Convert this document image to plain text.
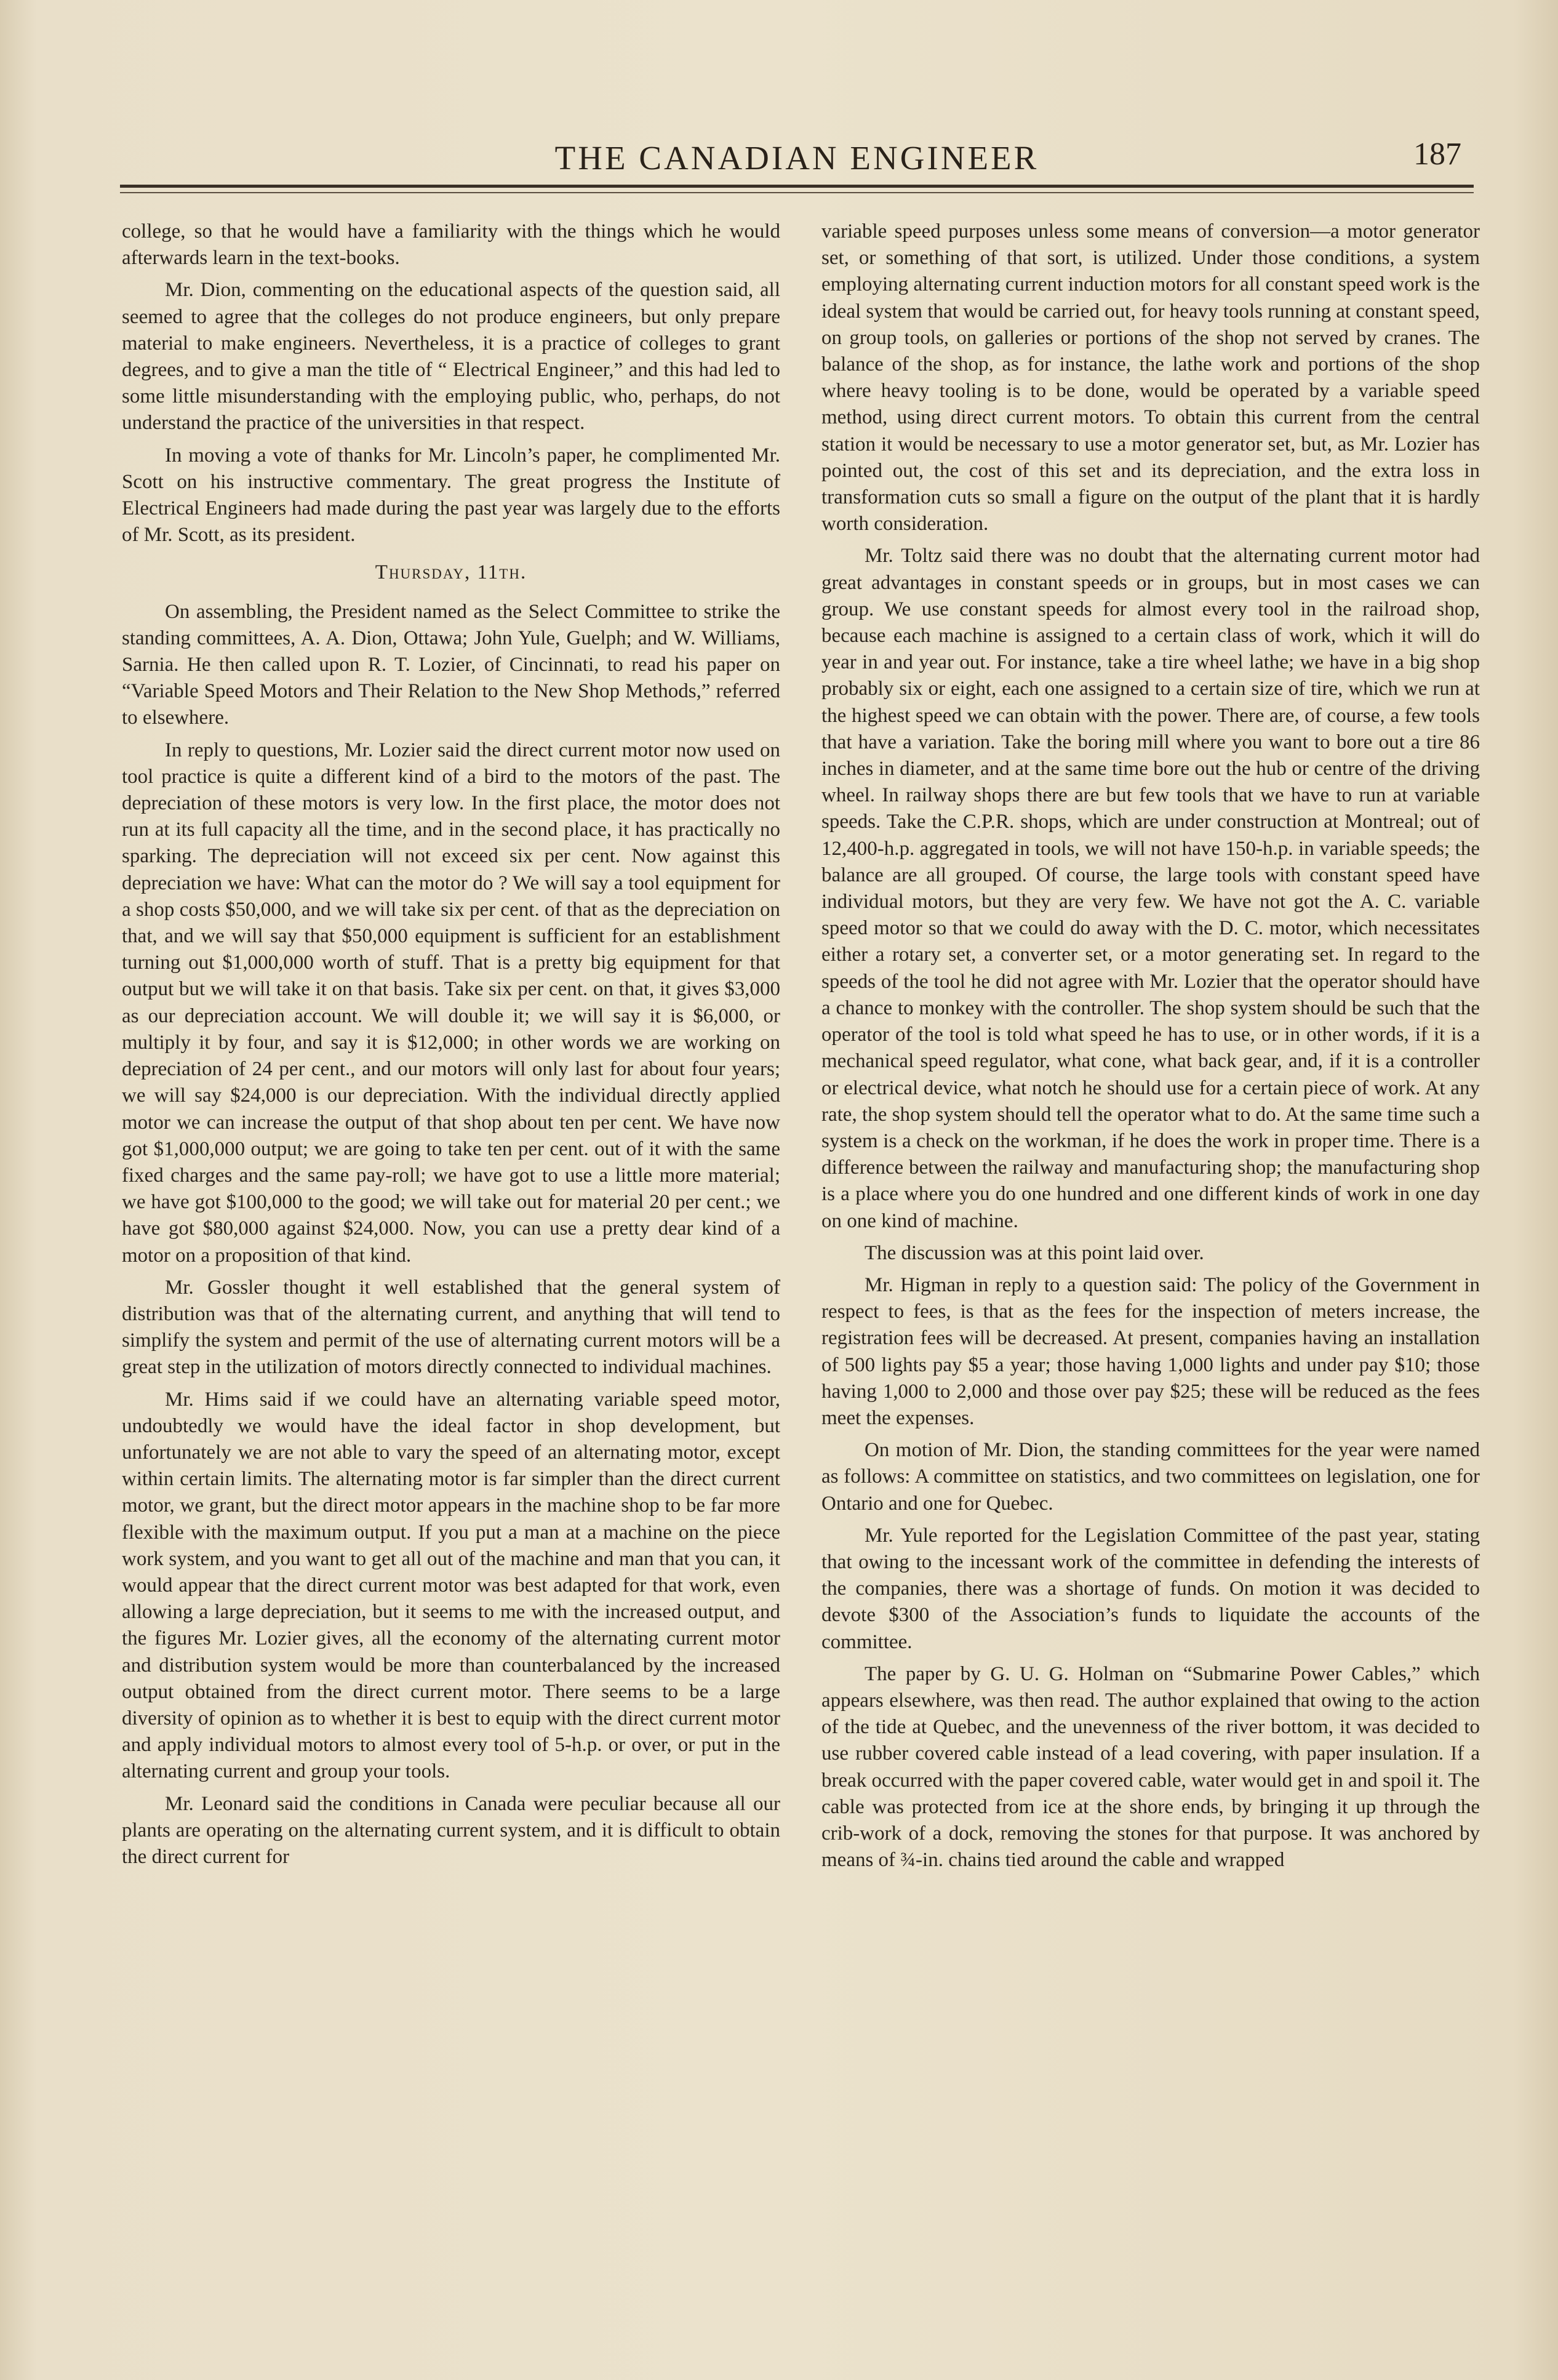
THE CANADIAN ENGINEER	187

college, so that he would have a familiarity with the things which he would afterwards learn in the text-books.

Mr. Dion, commenting on the educational aspects of the question said, all seemed to agree that the colleges do not produce engineers, but only prepare material to make engineers. Nevertheless, it is a practice of colleges to grant degrees, and to give a man the title of “ Electrical Engineer,” and this had led to some little misunderstanding with the employing public, who, perhaps, do not understand the practice of the universities in that respect.

In moving a vote of thanks for Mr. Lincoln’s paper, he complimented Mr. Scott on his instructive commentary. The great progress the Institute of Electrical Engineers had made during the past year was largely due to the efforts of Mr. Scott, as its president.

Thursday, 11th.

On assembling, the President named as the Select Committee to strike the standing committees, A. A. Dion, Ottawa; John Yule, Guelph; and W. Williams, Sarnia. He then called upon R. T. Lozier, of Cincinnati, to read his paper on “Variable Speed Motors and Their Relation to the New Shop Methods,” referred to elsewhere.

In reply to questions, Mr. Lozier said the direct current motor now used on tool practice is quite a different kind of a bird to the motors of the past. The depreciation of these motors is very low. In the first place, the motor does not run at its full capacity all the time, and in the second place, it has practically no sparking. The depreciation will not exceed six per cent. Now against this depreciation we have: What can the motor do ? We will say a tool equipment for a shop costs $50,000, and we will take six per cent. of that as the depreciation on that, and we will say that $50,000 equipment is sufficient for an establishment turning out $1,000,000 worth of stuff. That is a pretty big equipment for that output but we will take it on that basis. Take six per cent. on that, it gives $3,000 as our depreciation account. We will double it; we will say it is $6,000, or multiply it by four, and say it is $12,000; in other words we are working on depreciation of 24 per cent., and our motors will only last for about four years; we will say $24,000 is our depreciation. With the individual directly applied motor we can increase the output of that shop about ten per cent. We have now got $1,000,000 output; we are going to take ten per cent. out of it with the same fixed charges and the same pay-roll; we have got to use a little more material; we have got $100,000 to the good; we will take out for material 20 per cent.; we have got $80,000 against $24,000. Now, you can use a pretty dear kind of a motor on a proposition of that kind.

Mr. Gossler thought it well established that the general system of distribution was that of the alternating current, and anything that will tend to simplify the system and permit of the use of alternating current motors will be a great step in the utilization of motors directly connected to individual machines.

Mr. Hims said if we could have an alternating variable speed motor, undoubtedly we would have the ideal factor in shop development, but unfortunately we are not able to vary the speed of an alternating motor, except within certain limits. The alternating motor is far simpler than the direct current motor, we grant, but the direct motor appears in the machine shop to be far more flexible with the maximum output. If you put a man at a machine on the piece work system, and you want to get all out of the machine and man that you can, it would appear that the direct current motor was best adapted for that work, even allowing a large depreciation, but it seems to me with the increased output, and the figures Mr. Lozier gives, all the economy of the alternating current motor and distribution system would be more than counterbalanced by the increased output obtained from the direct current motor. There seems to be a large diversity of opinion as to whether it is best to equip with the direct current motor and apply individual motors to almost every tool of 5-h.p. or over, or put in the alternating current and group your tools.

Mr. Leonard said the conditions in Canada were peculiar because all our plants are operating on the alternating current system, and it is difficult to obtain the direct current for

variable speed purposes unless some means of conversion—a motor generator set, or something of that sort, is utilized. Under those conditions, a system employing alternating current induction motors for all constant speed work is the ideal system that would be carried out, for heavy tools running at constant speed, on group tools, on galleries or portions of the shop not served by cranes. The balance of the shop, as for instance, the lathe work and portions of the shop where heavy tooling is to be done, would be operated by a variable speed method, using direct current motors. To obtain this current from the central station it would be necessary to use a motor generator set, but, as Mr. Lozier has pointed out, the cost of this set and its depreciation, and the extra loss in transformation cuts so small a figure on the output of the plant that it is hardly worth consideration.

Mr. Toltz said there was no doubt that the alternating current motor had great advantages in constant speeds or in groups, but in most cases we can group. We use constant speeds for almost every tool in the railroad shop, because each machine is assigned to a certain class of work, which it will do year in and year out. For instance, take a tire wheel lathe; we have in a big shop probably six or eight, each one assigned to a certain size of tire, which we run at the highest speed we can obtain with the power. There are, of course, a few tools that have a variation. Take the boring mill where you want to bore out a tire 86 inches in diameter, and at the same time bore out the hub or centre of the driving wheel. In railway shops there are but few tools that we have to run at variable speeds. Take the C.P.R. shops, which are under construction at Montreal; out of 12,400-h.p. aggregated in tools, we will not have 150-h.p. in variable speeds; the balance are all grouped. Of course, the large tools with constant speed have individual motors, but they are very few. We have not got the A. C. variable speed motor so that we could do away with the D. C. motor, which necessitates either a rotary set, a converter set, or a motor generating set. In regard to the speeds of the tool he did not agree with Mr. Lozier that the operator should have a chance to monkey with the controller. The shop system should be such that the operator of the tool is told what speed he has to use, or in other words, if it is a mechanical speed regulator, what cone, what back gear, and, if it is a controller or electrical device, what notch he should use for a certain piece of work. At any rate, the shop system should tell the operator what to do. At the same time such a system is a check on the workman, if he does the work in proper time. There is a difference between the railway and manufacturing shop; the manufacturing shop is a place where you do one hundred and one different kinds of work in one day on one kind of machine.

The discussion was at this point laid over.

Mr. Higman in reply to a question said: The policy of the Government in respect to fees, is that as the fees for the inspection of meters increase, the registration fees will be decreased. At present, companies having an installation of 500 lights pay $5 a year; those having 1,000 lights and under pay $10; those having 1,000 to 2,000 and those over pay $25; these will be reduced as the fees meet the expenses.

On motion of Mr. Dion, the standing committees for the year were named as follows: A committee on statistics, and two committees on legislation, one for Ontario and one for Quebec.

Mr. Yule reported for the Legislation Committee of the past year, stating that owing to the incessant work of the committee in defending the interests of the companies, there was a shortage of funds. On motion it was decided to devote $300 of the Association’s funds to liquidate the accounts of the committee.

The paper by G. U. G. Holman on “Submarine Power Cables,” which appears elsewhere, was then read. The author explained that owing to the action of the tide at Quebec, and the unevenness of the river bottom, it was decided to use rubber covered cable instead of a lead covering, with paper insulation. If a break occurred with the paper covered cable, water would get in and spoil it. The cable was protected from ice at the shore ends, by bringing it up through the crib-work of a dock, removing the stones for that purpose. It was anchored by means of ¾-in. chains tied around the cable and wrapped
